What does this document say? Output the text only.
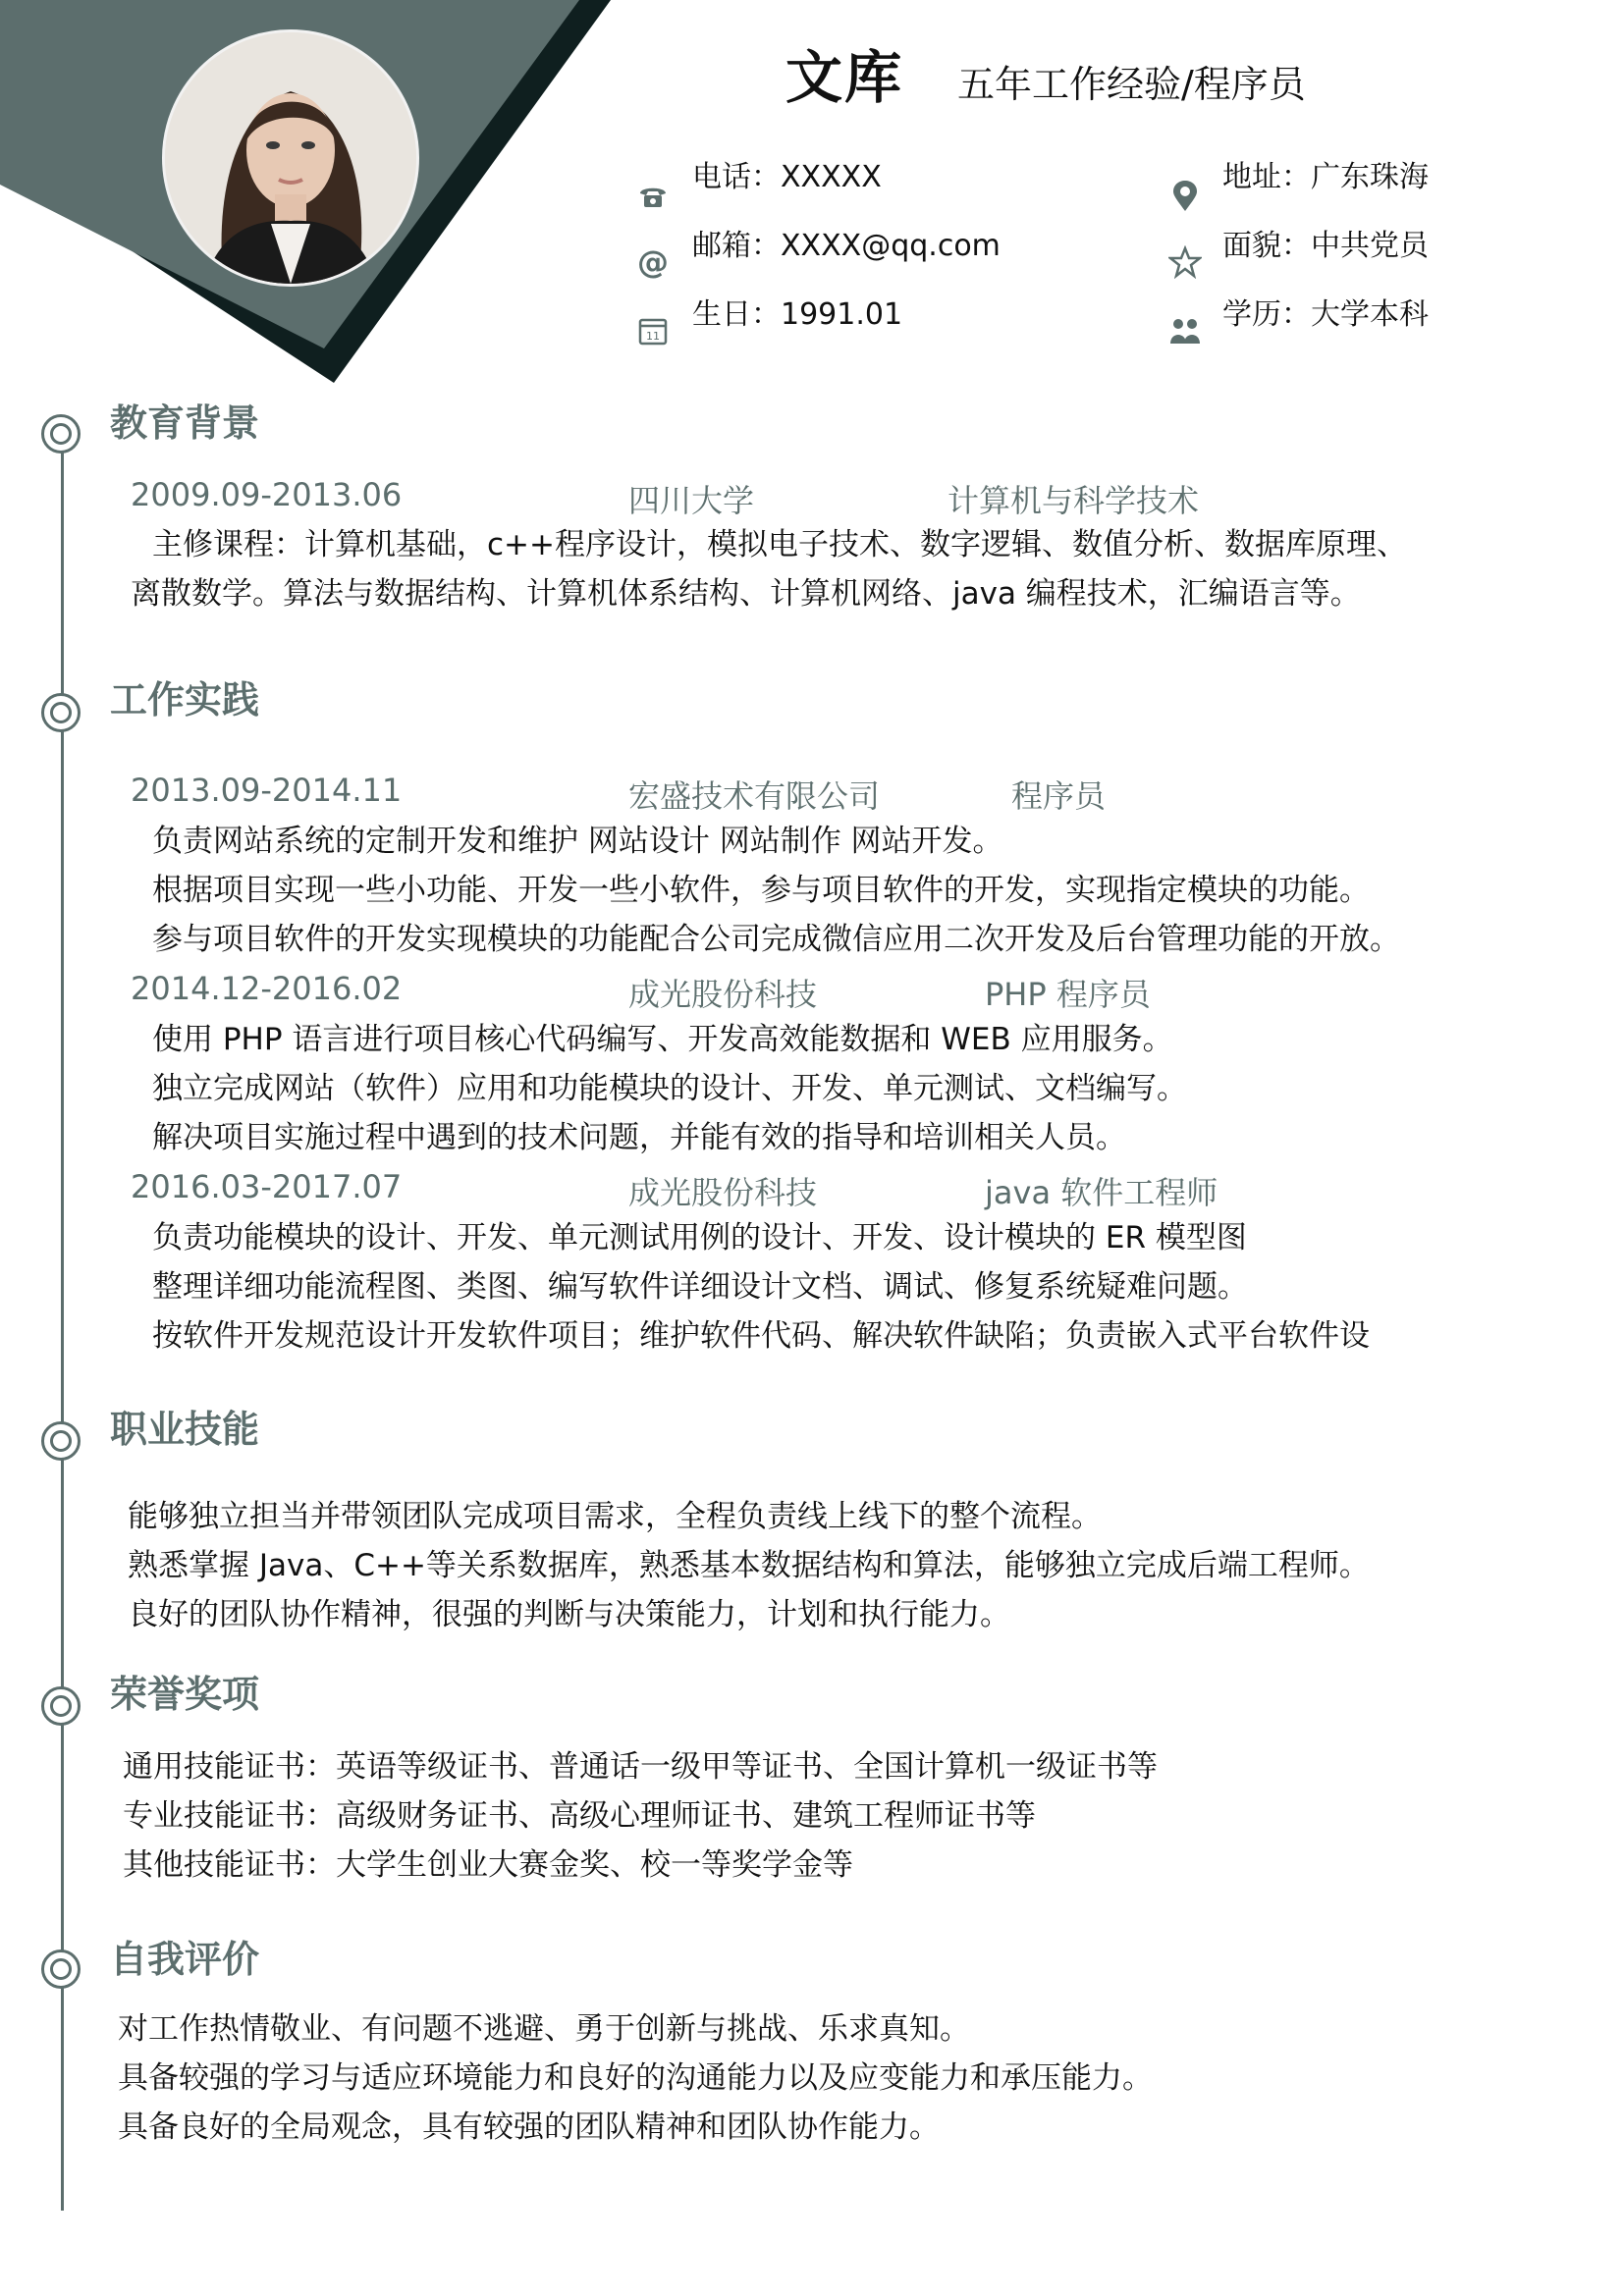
文库 五年工作经验/程序员
电话：XXXXX
@ 邮箱：XXXX@qq.com
11
生日：1991.01
地址：广东珠海
面貌：中共党员
学历：大学本科
教育背景
2009.09-2013.06	四川大学	计算机与科学技术
主修课程：计算机基础，c++程序设计，模拟电子技术、数字逻辑、数值分析、数据库原理、
离散数学。算法与数据结构、计算机体系结构、计算机网络、java 编程技术，汇编语言等。
工作实践
2013.09-2014.11	宏盛技术有限公司	程序员
负责网站系统的定制开发和维护 网站设计 网站制作 网站开发。
根据项目实现一些小功能、开发一些小软件，参与项目软件的开发，实现指定模块的功能。
参与项目软件的开发实现模块的功能配合公司完成微信应用二次开发及后台管理功能的开放。
2014.12-2016.02	成光股份科技	PHP 程序员
使用 PHP 语言进行项目核心代码编写、开发高效能数据和 WEB 应用服务。
独立完成网站（软件）应用和功能模块的设计、开发、单元测试、文档编写。
解决项目实施过程中遇到的技术问题，并能有效的指导和培训相关人员。
2016.03-2017.07	成光股份科技	java 软件工程师
负责功能模块的设计、开发、单元测试用例的设计、开发、设计模块的 ER 模型图
整理详细功能流程图、类图、编写软件详细设计文档、调试、修复系统疑难问题。
按软件开发规范设计开发软件项目；维护软件代码、解决软件缺陷；负责嵌入式平台软件设
职业技能
能够独立担当并带领团队完成项目需求，全程负责线上线下的整个流程。
熟悉掌握 Java、C++等关系数据库，熟悉基本数据结构和算法，能够独立完成后端工程师。
良好的团队协作精神，很强的判断与决策能力，计划和执行能力。
荣誉奖项
通用技能证书：英语等级证书、普通话一级甲等证书、全国计算机一级证书等
专业技能证书：高级财务证书、高级心理师证书、建筑工程师证书等
其他技能证书：大学生创业大赛金奖、校一等奖学金等
自我评价
对工作热情敬业、有问题不逃避、勇于创新与挑战、乐求真知。
具备较强的学习与适应环境能力和良好的沟通能力以及应变能力和承压能力。
具备良好的全局观念，具有较强的团队精神和团队协作能力。
